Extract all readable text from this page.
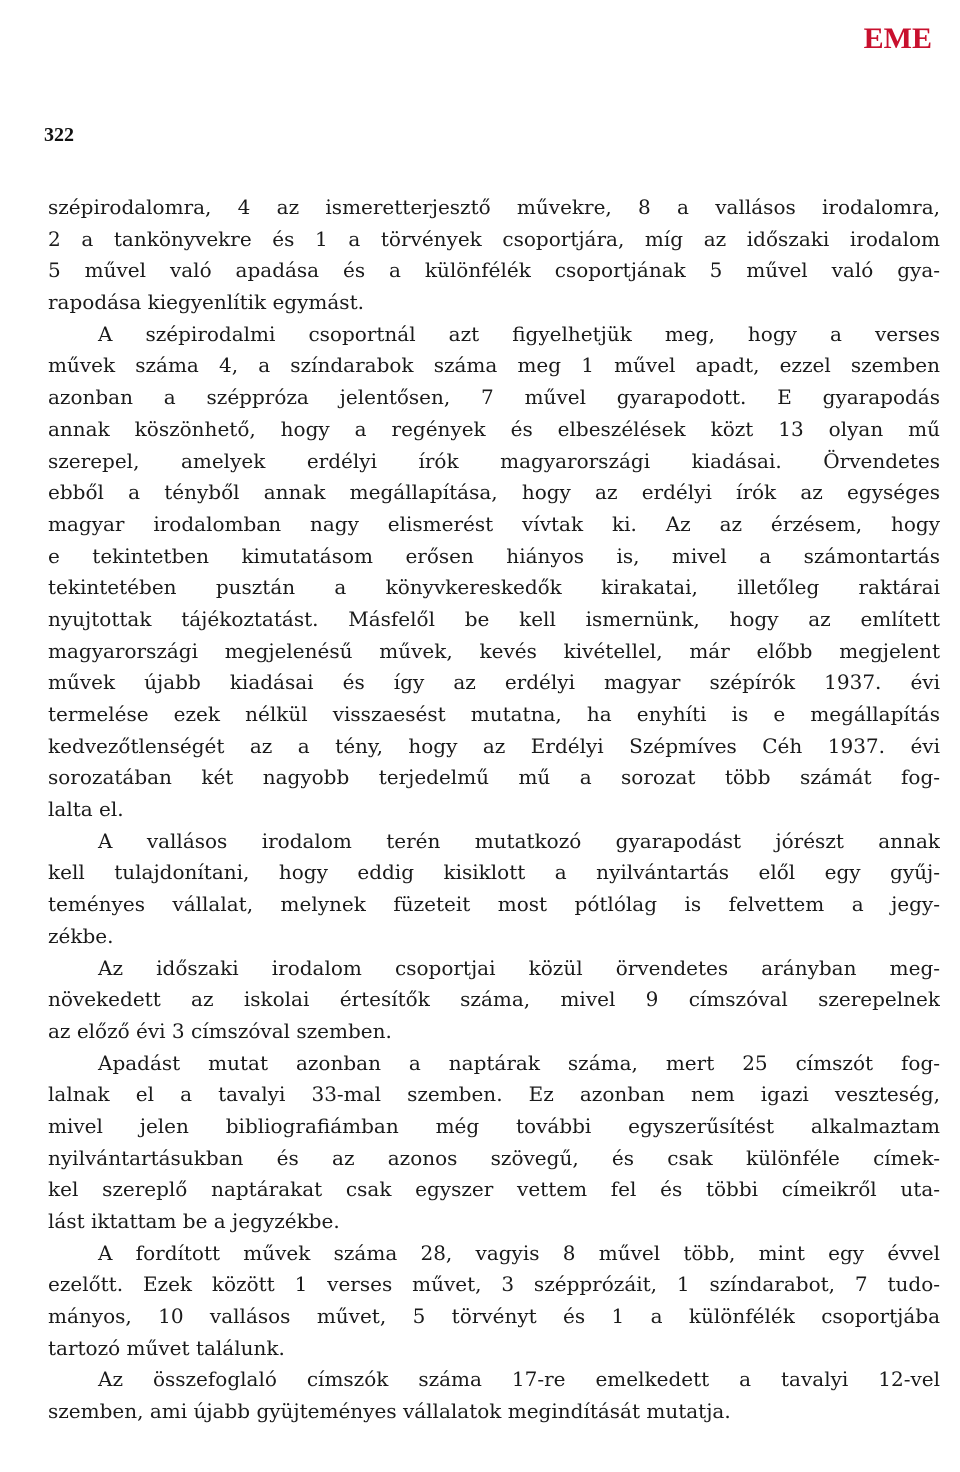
EME
322
szépirodalomra, 4 az ismeretterjesztő művekre, 8 a vallásos irodalomra,
2 a tankönyvekre és 1 a törvények csoportjára, míg az időszaki irodalom
5 művel való apadása és a különfélék csoportjának 5 művel való gya-
rapodása kiegyenlítik egymást.
A szépirodalmi csoportnál azt figyelhetjük meg, hogy a verses
művek száma 4, a színdarabok száma meg 1 művel apadt, ezzel szemben
azonban a széppróza jelentősen, 7 művel gyarapodott. E gyarapodás
annak köszönhető, hogy a regények és elbeszélések közt 13 olyan mű
szerepel, amelyek erdélyi írók magyarországi kiadásai. Örvendetes
ebből a tényből annak megállapítása, hogy az erdélyi írók az egységes
magyar irodalomban nagy elismerést vívtak ki. Az az érzésem, hogy
e tekintetben kimutatásom erősen hiányos is, mivel a számontartás
tekintetében pusztán a könyvkereskedők kirakatai, illetőleg raktárai
nyujtottak tájékoztatást. Másfelől be kell ismernünk, hogy az említett
magyarországi megjelenésű művek, kevés kivétellel, már előbb megjelent
művek újabb kiadásai és így az erdélyi magyar szépírók 1937. évi
termelése ezek nélkül visszaesést mutatna, ha enyhíti is e megállapítás
kedvezőtlenségét az a tény, hogy az Erdélyi Szépmíves Céh 1937. évi
sorozatában két nagyobb terjedelmű mű a sorozat több számát fog-
lalta el.
A vallásos irodalom terén mutatkozó gyarapodást jórészt annak
kell tulajdonítani, hogy eddig kisiklott a nyilvántartás elől egy gyűj-
teményes vállalat, melynek füzeteit most pótlólag is felvettem a jegy-
zékbe.
Az időszaki irodalom csoportjai közül örvendetes arányban meg-
növekedett az iskolai értesítők száma, mivel 9 címszóval szerepelnek
az előző évi 3 címszóval szemben.
Apadást mutat azonban a naptárak száma, mert 25 címszót fog-
lalnak el a tavalyi 33-mal szemben. Ez azonban nem igazi veszteség,
mivel jelen bibliografiámban még további egyszerűsítést alkalmaztam
nyilvántartásukban és az azonos szövegű, és csak különféle címek-
kel szereplő naptárakat csak egyszer vettem fel és többi címeikről uta-
lást iktattam be a jegyzékbe.
A fordított művek száma 28, vagyis 8 művel több, mint egy évvel
ezelőtt. Ezek között 1 verses művet, 3 szépprózáit, 1 színdarabot, 7 tudo-
mányos, 10 vallásos művet, 5 törvényt és 1 a különfélék csoportjába
tartozó művet találunk.
Az összefoglaló címszók száma 17-re emelkedett a tavalyi 12-vel
szemben, ami újabb gyüjteményes vállalatok megindítását mutatja.
